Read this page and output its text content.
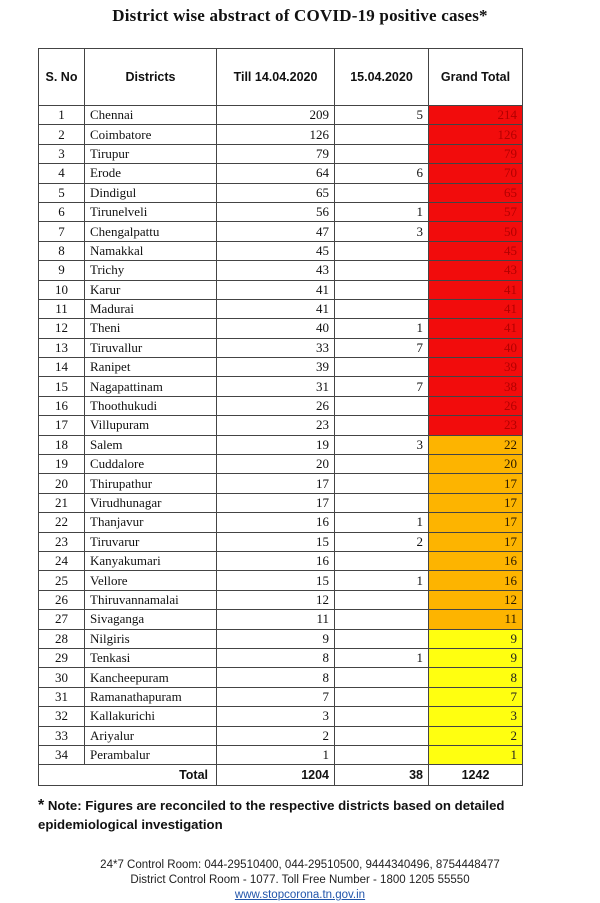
District wise abstract of COVID-19 positive cases*
S. No	Districts	Till 14.04.2020	15.04.2020	Grand Total
1	Chennai	209	5	214
2	Coimbatore	126		126
3	Tirupur	79		79
4	Erode	64	6	70
5	Dindigul	65		65
6	Tirunelveli	56	1	57
7	Chengalpattu	47	3	50
8	Namakkal	45		45
9	Trichy	43		43
10	Karur	41		41
11	Madurai	41		41
12	Theni	40	1	41
13	Tiruvallur	33	7	40
14	Ranipet	39		39
15	Nagapattinam	31	7	38
16	Thoothukudi	26		26
17	Villupuram	23		23
18	Salem	19	3	22
19	Cuddalore	20		20
20	Thirupathur	17		17
21	Virudhunagar	17		17
22	Thanjavur	16	1	17
23	Tiruvarur	15	2	17
24	Kanyakumari	16		16
25	Vellore	15	1	16
26	Thiruvannamalai	12		12
27	Sivaganga	11		11
28	Nilgiris	9		9
29	Tenkasi	8	1	9
30	Kancheepuram	8		8
31	Ramanathapuram	7		7
32	Kallakurichi	3		3
33	Ariyalur	2		2
34	Perambalur	1		1
Total		1204	38	1242
* Note: Figures are reconciled to the respective districts based on detailed epidemiological investigation
24*7 Control Room: 044-29510400, 044-29510500, 9444340496, 8754448477
District Control Room - 1077. Toll Free Number - 1800 1205 55550
www.stopcorona.tn.gov.in
